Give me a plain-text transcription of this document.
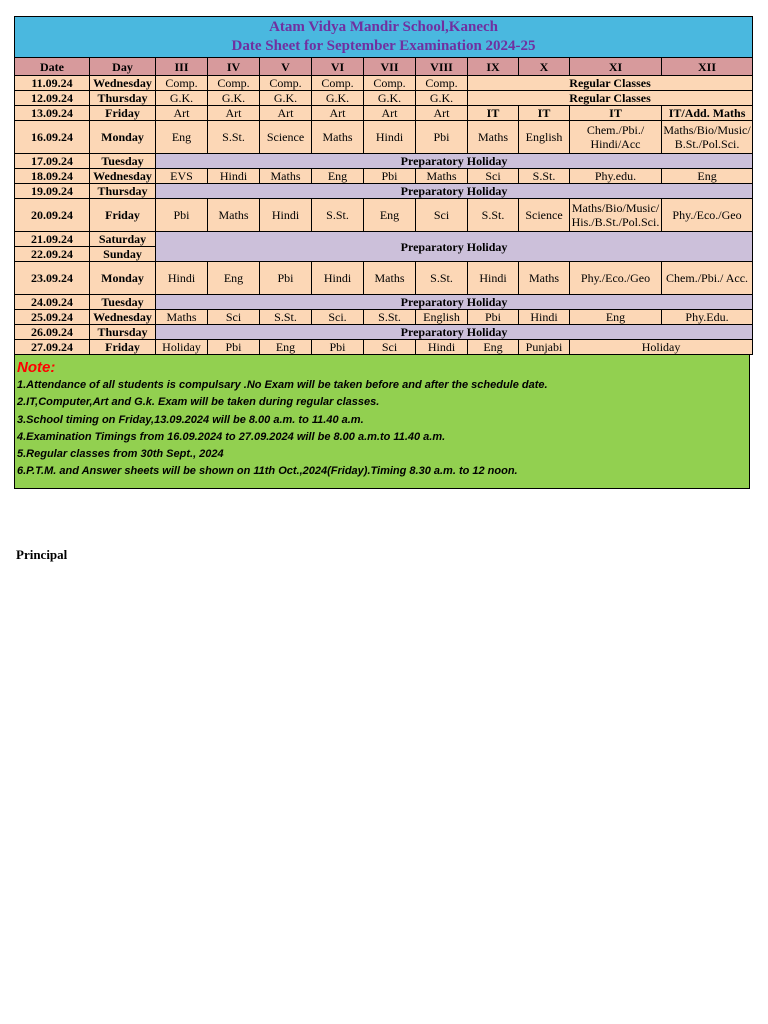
Atam Vidya Mandir School,Kanech
Date Sheet for September Examination 2024-25											

Date	Day	III	IV	V	VI	VII	VIII	IX	X	XI	XII
11.09.24	Wednesday	Comp.	Comp.	Comp.	Comp.	Comp.	Comp.	Regular Classes			
12.09.24	Thursday	G.K.	G.K.	G.K.	G.K.	G.K.	G.K.	Regular Classes			
13.09.24	Friday	Art	Art	Art	Art	Art	Art	IT	IT	IT	IT/Add. Maths
16.09.24	Monday	Eng	S.St.	Science	Maths	Hindi	Pbi	Maths	English	Chem./Pbi./ Hindi/Acc	Maths/Bio/Music/ B.St./Pol.Sci.
17.09.24	Tuesday	Preparatory Holiday									
18.09.24	Wednesday	EVS	Hindi	Maths	Eng	Pbi	Maths	Sci	S.St.	Phy.edu.	Eng
19.09.24	Thursday	Preparatory Holiday									
20.09.24	Friday	Pbi	Maths	Hindi	S.St.	Eng	Sci	S.St.	Science	Maths/Bio/Music/ His./B.St./Pol.Sci.	Phy./Eco./Geo
21.09.24	Saturday	Preparatory Holiday									
22.09.24	Sunday										
23.09.24	Monday	Hindi	Eng	Pbi	Hindi	Maths	S.St.	Hindi	Maths	Phy./Eco./Geo	Chem./Pbi./ Acc.
24.09.24	Tuesday	Preparatory Holiday									
25.09.24	Wednesday	Maths	Sci	S.St.	Sci.	S.St.	English	Pbi	Hindi	Eng	Phy.Edu.
26.09.24	Thursday	Preparatory Holiday									
27.09.24	Friday	Holiday	Pbi	Eng	Pbi	Sci	Hindi	Eng	Punjabi	Holiday	
Note:
1.Attendance of all students is compulsary .No Exam will be taken before and after the schedule date.
2.IT,Computer,Art and G.k. Exam will be taken during regular classes.
3.School timing on Friday,13.09.2024 will be 8.00 a.m. to 11.40 a.m.
4.Examination Timings from 16.09.2024 to 27.09.2024 will be 8.00 a.m.to 11.40 a.m.
5.Regular classes from 30th Sept., 2024
6.P.T.M. and Answer sheets will be shown on 11th Oct.,2024(Friday).Timing 8.30 a.m. to 12 noon.
Principal
